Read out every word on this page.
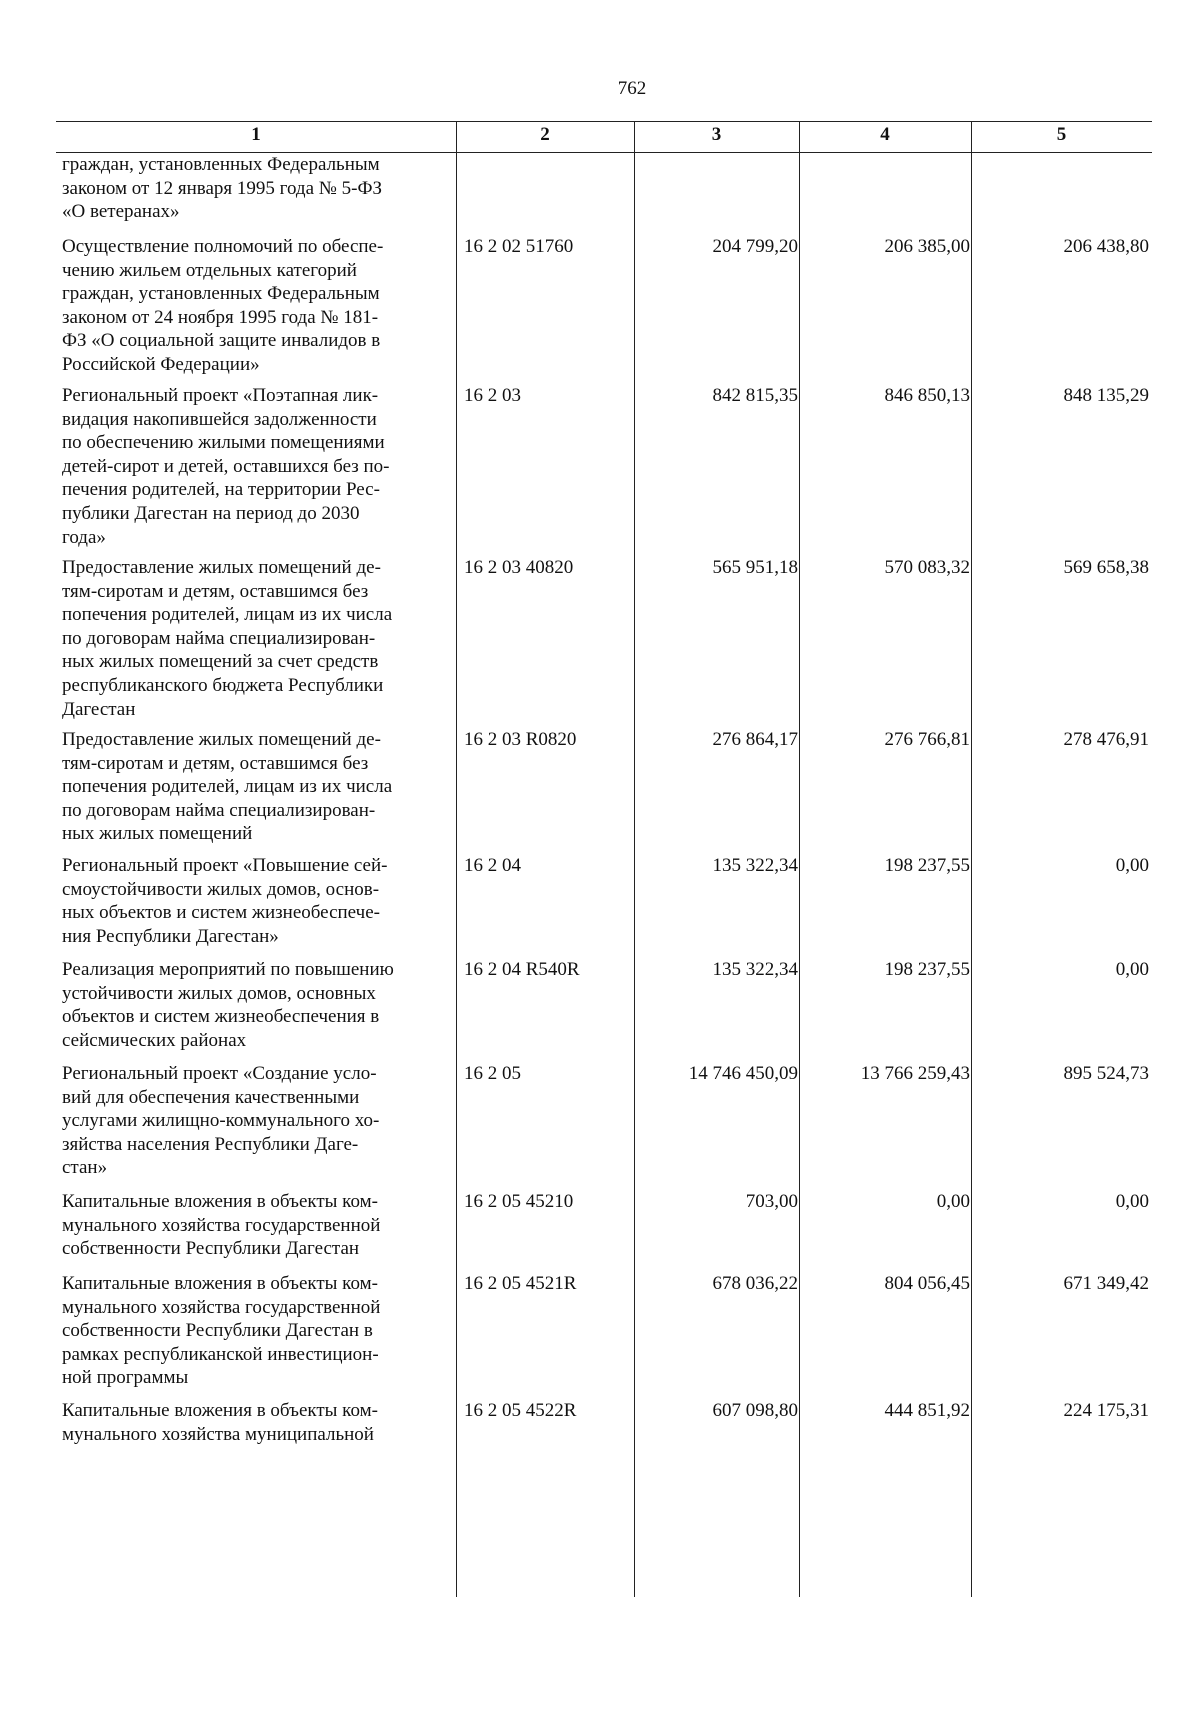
762
1	2	3	4	5
граждан, установленных Федеральным
законом от 12 января 1995 года № 5-ФЗ
«О ветеранах»
Осуществление полномочий по обеспе-
чению жильем отдельных категорий
граждан, установленных Федеральным
законом от 24 ноября 1995 года № 181-
ФЗ «О социальной защите инвалидов в
Российской Федерации»
16 2 02 51760	204 799,20	206 385,00	206 438,80
Региональный проект «Поэтапная лик-
видация накопившейся задолженности
по обеспечению жилыми помещениями
детей-сирот и детей, оставшихся без по-
печения родителей, на территории Рес-
публики Дагестан на период до 2030
года»
16 2 03	842 815,35	846 850,13	848 135,29
Предоставление жилых помещений де-
тям-сиротам и детям, оставшимся без
попечения родителей, лицам из их числа
по договорам найма специализирован-
ных жилых помещений за счет средств
республиканского бюджета Республики
Дагестан
16 2 03 40820	565 951,18	570 083,32	569 658,38
Предоставление жилых помещений де-
тям-сиротам и детям, оставшимся без
попечения родителей, лицам из их числа
по договорам найма специализирован-
ных жилых помещений
16 2 03 R0820	276 864,17	276 766,81	278 476,91
Региональный проект «Повышение сей-
смоустойчивости жилых домов, основ-
ных объектов и систем жизнеобеспече-
ния Республики Дагестан»
16 2 04	135 322,34	198 237,55	0,00
Реализация мероприятий по повышению
устойчивости жилых домов, основных
объектов и систем жизнеобеспечения в
сейсмических районах
16 2 04 R540R	135 322,34	198 237,55	0,00
Региональный проект «Создание усло-
вий для обеспечения качественными
услугами жилищно-коммунального хо-
зяйства населения Республики Даге-
стан»
16 2 05	14 746 450,09	13 766 259,43	895 524,73
Капитальные вложения в объекты ком-
мунального хозяйства государственной
собственности Республики Дагестан
16 2 05 45210	703,00	0,00	0,00
Капитальные вложения в объекты ком-
мунального хозяйства государственной
собственности Республики Дагестан в
рамках республиканской инвестицион-
ной программы
16 2 05 4521R	678 036,22	804 056,45	671 349,42
Капитальные вложения в объекты ком-
мунального хозяйства муниципальной
16 2 05 4522R	607 098,80	444 851,92	224 175,31
